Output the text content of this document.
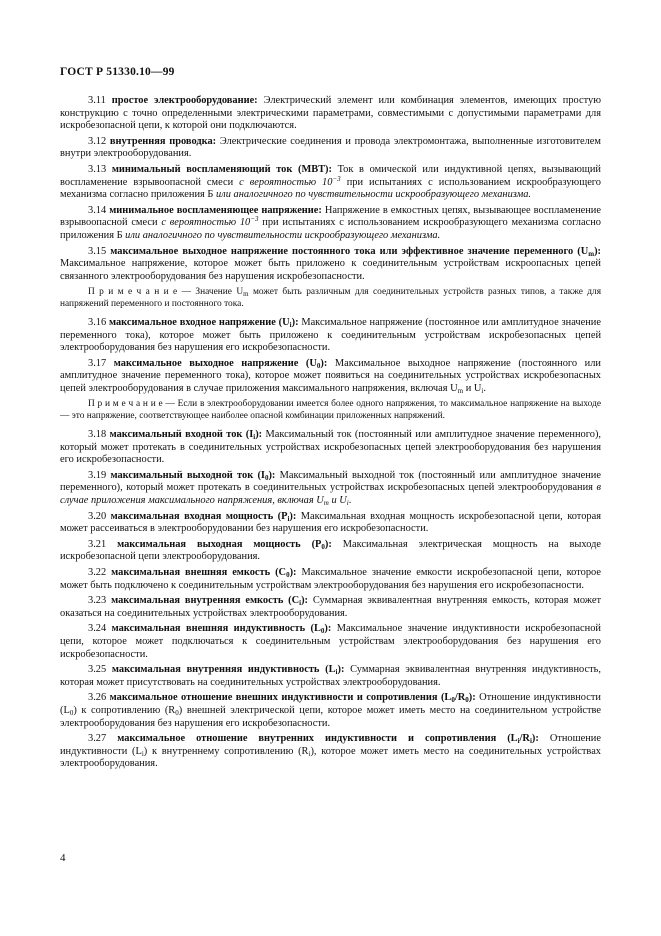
ГОСТ Р 51330.10—99

3.11 простое электрооборудование: Электрический элемент или комбинация элементов, имеющих простую конструкцию с точно определенными электрическими параметрами, совместимыми с допустимыми параметрами для искробезопасной цепи, к которой они подключаются.

3.12 внутренняя проводка: Электрические соединения и провода электромонтажа, выполненные изготовителем внутри электрооборудования.

3.13 минимальный воспламеняющий ток (МВТ): Ток в омической или индуктивной цепях, вызывающий воспламенение взрывоопасной смеси с вероятностью $10^{-3}$ при испытаниях с использованием искрообразующего механизма согласно приложения Б или аналогичного по чувствительности искрообразующего механизма.

3.14 минимальное воспламеняющее напряжение: Напряжение в емкостных цепях, вызывающее воспламенение взрывоопасной смеси с вероятностью $10^{-3}$ при испытаниях с использованием искрообразующего механизма согласно приложения Б или аналогичного по чувствительности искрообразующего механизма.

3.15 максимальное выходное напряжение постоянного тока или эффективное значение переменного $(U_m)$: Максимальное напряжение, которое может быть приложено к соединительным устройствам искроопасных цепей связанного электрооборудования без нарушения искробезопасности.

П р и м е ч а н и е — Значение $U_m$ может быть различным для соединительных устройств разных типов, а также для напряжений переменного и постоянного тока.

3.16 максимальное входное напряжение $(U_i)$: Максимальное напряжение (постоянное или амплитудное значение переменного тока), которое может быть приложено к соединительным устройствам искробезопасных цепей электрооборудования без нарушения его искробезопасности.

3.17 максимальное выходное напряжение $(U_0)$: Максимальное выходное напряжение (постоянного или амплитудное значение переменного тока), которое может появиться на соединительных устройствах искробезопасных цепей электрооборудования в случае приложения максимального напряжения, включая $U_m$ и $U_i$.

П р и м е ч а н и е — Если в электрооборудовании имеется более одного напряжения, то максимальное напряжение на выходе — это напряжение, соответствующее наиболее опасной комбинации приложенных напряжений.

3.18 максимальный входной ток $(I_i)$: Максимальный ток (постоянный или амплитудное значение переменного), который может протекать в соединительных устройствах искробезопасных цепей электрооборудования без нарушения его искробезопасности.

3.19 максимальный выходной ток $(I_0)$: Максимальный выходной ток (постоянный или амплитудное значение переменного), который может протекать в соединительных устройствах искробезопасных цепей электрооборудования в случае приложения максимального напряжения, включая $U_m$ и $U_i$.

3.20 максимальная входная мощность $(P_i)$: Максимальная входная мощность искробезопасной цепи, которая может рассеиваться в электрооборудовании без нарушения его искробезопасности.

3.21 максимальная выходная мощность $(P_0)$: Максимальная электрическая мощность на выходе искробезопасной цепи электрооборудования.

3.22 максимальная внешняя емкость $(C_0)$: Максимальное значение емкости искробезопасной цепи, которое может быть подключено к соединительным устройствам электрооборудования без нарушения его искробезопасности.

3.23 максимальная внутренняя емкость $(C_i)$: Суммарная эквивалентная внутренняя емкость, которая может оказаться на соединительных устройствах электрооборудования.

3.24 максимальная внешняя индуктивность $(L_0)$: Максимальное значение индуктивности искробезопасной цепи, которое может подключаться к соединительным устройствам электрооборудования без нарушения его искробезопасности.

3.25 максимальная внутренняя индуктивность $(L_i)$: Суммарная эквивалентная внутренняя индуктивность, которая может присутствовать на соединительных устройствах электрооборудования.

3.26 максимальное отношение внешних индуктивности и сопротивления $(L_0/R_0)$: Отношение индуктивности $(L_0)$ к сопротивлению $(R_0)$ внешней электрической цепи, которое может иметь место на соединительном устройстве электрооборудования без нарушения его искробезопасности.

3.27 максимальное отношение внутренних индуктивности и сопротивления $(L_i/R_i)$: Отношение индуктивности $(L_i)$ к внутреннему сопротивлению $(R_i)$, которое может иметь место на соединительных устройствах электрооборудования.

4
